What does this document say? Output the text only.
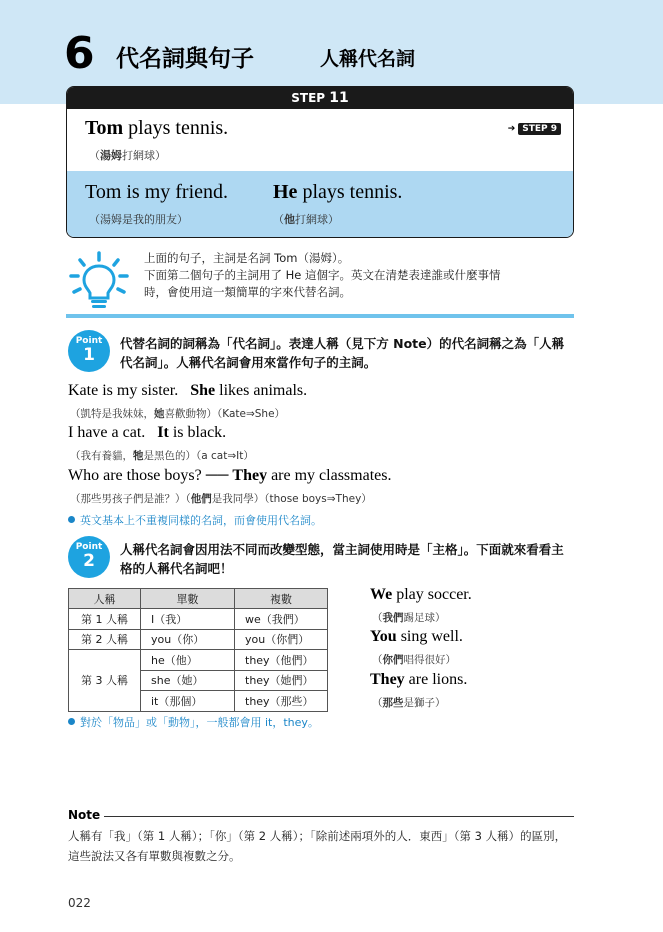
6 代名詞與句子	人稱代名詞
STEP 11
Tom plays tennis.
（湯姆打網球）
➔ STEP 9
Tom is my friend. He plays tennis.
（湯姆是我的朋友）	（他打網球）
上面的句子，主詞是名詞 Tom（湯姆）。
下面第二個句子的主詞用了 He 這個字。英文在清楚表達誰或什麼事情
時，會使用這一類簡單的字來代替名詞。
Point
1
代替名詞的詞稱為「代名詞」。表達人稱（見下方 Note）的代名詞稱之為「人稱代名詞」。人稱代名詞會用來當作句子的主詞。
Kate is my sister.   She likes animals.
（凱特是我妹妹，她喜歡動物）（Kate⇒She）
I have a cat.   It is black.
（我有養貓，牠是黑色的）（a cat⇒It）
Who are those boys? ── They are my classmates.
（那些男孩子們是誰？）（他們是我同學）（those boys⇒They）
英文基本上不重複同樣的名詞，而會使用代名詞。
Point
2
人稱代名詞會因用法不同而改變型態，當主詞使用時是「主格」。下面就來看看主格的人稱代名詞吧！
人稱	單數	複數
第 1 人稱	I（我）	we（我們）
第 2 人稱	you（你）	you（你們）
第 3 人稱	he（他）	they（他們）
	she（她）	they（她們）
	it（那個）	they（那些）
We play soccer.
（我們踢足球）
You sing well.
（你們唱得很好）
They are lions.
（那些是獅子）
對於「物品」或「動物」，一般都會用 it，they。
Note
人稱有「我」（第 1 人稱）；「你」（第 2 人稱）；「除前述兩項外的人．東西」（第 3 人稱）的區別，這些說法又各有單數與複數之分。
022
